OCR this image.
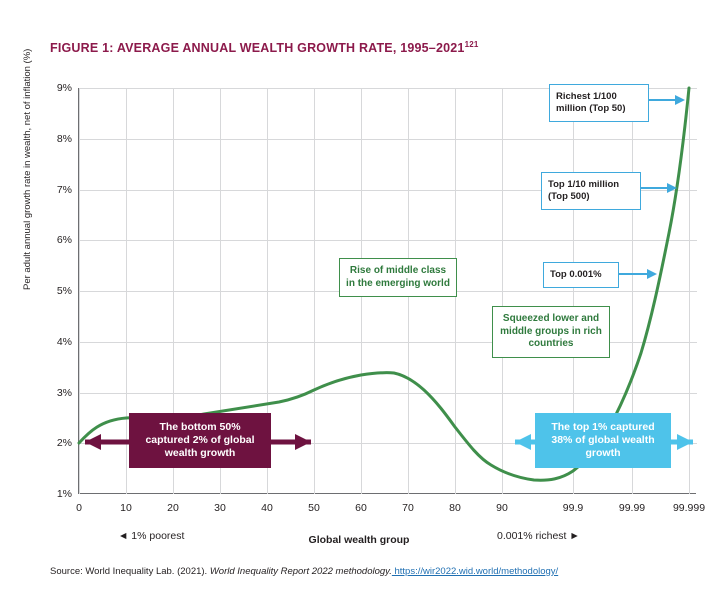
FIGURE 1: AVERAGE ANNUAL WEALTH GROWTH RATE, 1995–2021$^{121}$
Per adult annual growth rate in wealth, net of inflation (%)	9%
8%
7%
6%
5%
4%
3%
2%
1%
0	10	20	30	40	50	60	70	80	90	99.9	99.99	99.999
Rise of middle class in the emerging world
Squeezed lower and middle groups in rich countries
The bottom 50% captured 2% of global wealth growth
The top 1% captured 38% of global wealth growth
Richest 1/100 million (Top 50)
Top 1/10 million (Top 500)
Top 0.001%
Global wealth group
◄ 1% poorest	0.001% richest ►
Source: World Inequality Lab. (2021). World Inequality Report 2022 methodology. https://wir2022.wid.world/methodology/
